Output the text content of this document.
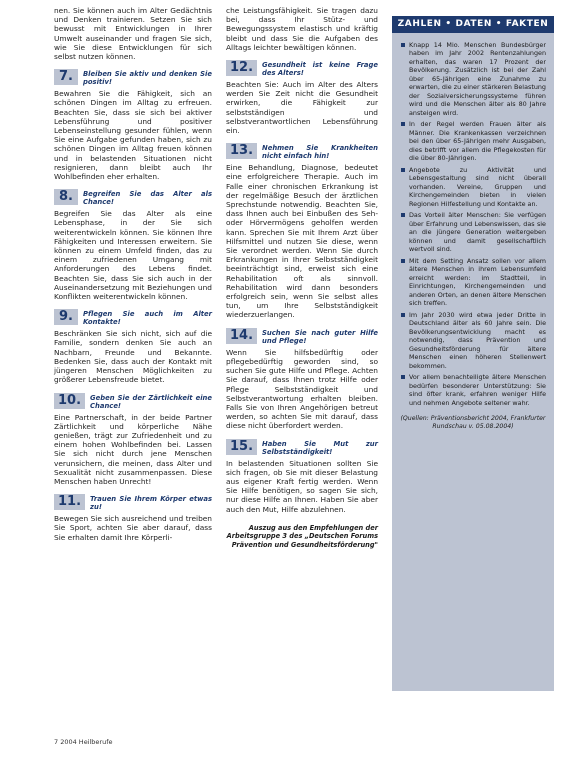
nen. Sie können auch im Alter Gedächtnis und Denken trainieren. Setzen Sie sich bewusst mit Entwicklungen in Ihrer Umwelt auseinander und fragen Sie sich, wie Sie diese Entwicklungen für sich selbst nutzen können.

7.	Bleiben Sie aktiv und denken Sie positiv!

Bewahren Sie die Fähigkeit, sich an schönen Dingen im Alltag zu erfreuen. Beachten Sie, dass sie sich bei aktiver Lebensführung und positiver Lebenseinstellung gesunder fühlen, wenn Sie eine Aufgabe gefunden haben, sich zu schönen Dingen im Alltag freuen können und in belastenden Situationen nicht resignieren, dann bleibt auch Ihr Wohlbefinden eher erhalten.

8.	Begreifen Sie das Alter als Chance!

Begreifen Sie das Alter als eine Lebensphase, in der Sie sich weiterentwickeln können. Sie können Ihre Fähigkeiten und Interessen erweitern. Sie können zu einem Umfeld finden, das zu einem zufriedenen Umgang mit Anforderungen des Lebens findet. Beachten Sie, dass Sie sich auch in der Auseinandersetzung mit Beziehungen und Konflikten weiterentwickeln können.

9.	Pflegen Sie auch im Alter Kontakte!

Beschränken Sie sich nicht, sich auf die Familie, sondern denken Sie auch an Nachbarn, Freunde und Bekannte. Bedenken Sie, dass auch der Kontakt mit jüngeren Menschen Möglichkeiten zu größerer Lebensfreude bietet.

10.	Geben Sie der Zärtlichkeit eine Chance!

Eine Partnerschaft, in der beide Partner Zärtlichkeit und körperliche Nähe genießen, trägt zur Zufriedenheit und zu einem hohen Wohlbefinden bei. Lassen Sie sich nicht durch jene Menschen verunsichern, die meinen, dass Alter und Sexualität nicht zusammenpassen. Diese Menschen haben Unrecht!

11.	Trauen Sie Ihrem Körper etwas zu!

Bewegen Sie sich ausreichend und treiben Sie Sport, achten Sie aber darauf, dass Sie erhalten damit Ihre Körperli-

che Leistungsfähigkeit. Sie tragen dazu bei, dass Ihr Stütz- und Bewegungssystem elastisch und kräftig bleibt und dass Sie die Aufgaben des Alltags leichter bewältigen können.

12.	Gesundheit ist keine Frage des Alters!

Beachten Sie: Auch im Alter des Alters werden Sie Zeit nicht die Gesundheit erwirken, die Fähigkeit zur selbstständigen und selbstverantwortlichen Lebensführung ein.

13.	Nehmen Sie Krankheiten nicht einfach hin!

Eine Behandlung, Diagnose, bedeutet eine erfolgreichere Therapie. Auch im Falle einer chronischen Erkrankung ist der regelmäßige Besuch der ärztlichen Sprechstunde notwendig. Beachten Sie, dass Ihnen auch bei Einbußen des Seh- oder Hörvermögens geholfen werden kann. Sprechen Sie mit Ihrem Arzt über Hilfsmittel und nutzen Sie diese, wenn Sie verordnet werden. Wenn Sie durch Erkrankungen in Ihrer Selbstständigkeit beeinträchtigt sind, erweist sich eine Rehabilitation oft als sinnvoll. Rehabilitation wird dann besonders erfolgreich sein, wenn Sie selbst alles tun, um Ihre Selbstständigkeit wiederzuerlangen.

14.	Suchen Sie nach guter Hilfe und Pflege!

Wenn Sie hilfsbedürftig oder pflegebedürftig geworden sind, so suchen Sie gute Hilfe und Pflege. Achten Sie darauf, dass Ihnen trotz Hilfe oder Pflege Selbstständigkeit und Selbstverantwortung erhalten bleiben. Falls Sie von Ihren Angehörigen betreut werden, so achten Sie mit darauf, dass diese nicht überfordert werden.

15.	Haben Sie Mut zur Selbstständigkeit!

In belastenden Situationen sollten Sie sich fragen, ob Sie mit dieser Belastung aus eigener Kraft fertig werden. Wenn Sie Hilfe benötigen, so sagen Sie sich, nur diese Hilfe an Ihnen. Haben Sie aber auch den Mut, Hilfe abzulehnen.

Auszug aus den Empfehlungen der Arbeitsgruppe 3 des „Deutschen Forums Prävention und Gesundheitsförderung"
ZAHLEN • DATEN • FAKTEN
Knapp 14 Mio. Menschen Bundesbürger haben im Jahr 2002 Rentenzahlungen erhalten, das waren 17 Prozent der Bevölkerung. Zusätzlich ist bei der Zahl über 65-Jährigen eine Zunahme zu erwarten, die zu einer stärkeren Belastung der Sozialversicherungssysteme führen wird und die Menschen älter als 80 Jahre ansteigen wird.
In der Regel werden Frauen älter als Männer. Die Krankenkassen verzeichnen bei den über 65-Jährigen mehr Ausgaben, dies betrifft vor allem die Pflegekosten für die über 80-Jährigen.
Angebote zu Aktivität und Lebensgestaltung sind nicht überall vorhanden. Vereine, Gruppen und Kirchengemeinden bieten in vielen Regionen Hilfestellung und Kontakte an.
Das Vorteil älter Menschen: Sie verfügen über Erfahrung und Lebenswissen, das sie an die jüngere Generation weitergeben können und damit gesellschaftlich wertvoll sind.
Mit dem Setting Ansatz sollen vor allem ältere Menschen in ihrem Lebensumfeld erreicht werden: im Stadtteil, in Einrichtungen, Kirchengemeinden und anderen Orten, an denen ältere Menschen sich treffen.
Im Jahr 2030 wird etwa jeder Dritte in Deutschland älter als 60 Jahre sein. Die Bevölkerungsentwicklung macht es notwendig, dass Prävention und Gesundheitsförderung für ältere Menschen einen höheren Stellenwert bekommen.
Vor allem benachteiligte ältere Menschen bedürfen besonderer Unterstützung: Sie sind öfter krank, erfahren weniger Hilfe und nehmen Angebote seltener wahr.
(Quellen: Präventionsbericht 2004, Frankfurter Rundschau v. 05.08.2004)
7 2004 Heilberufe
